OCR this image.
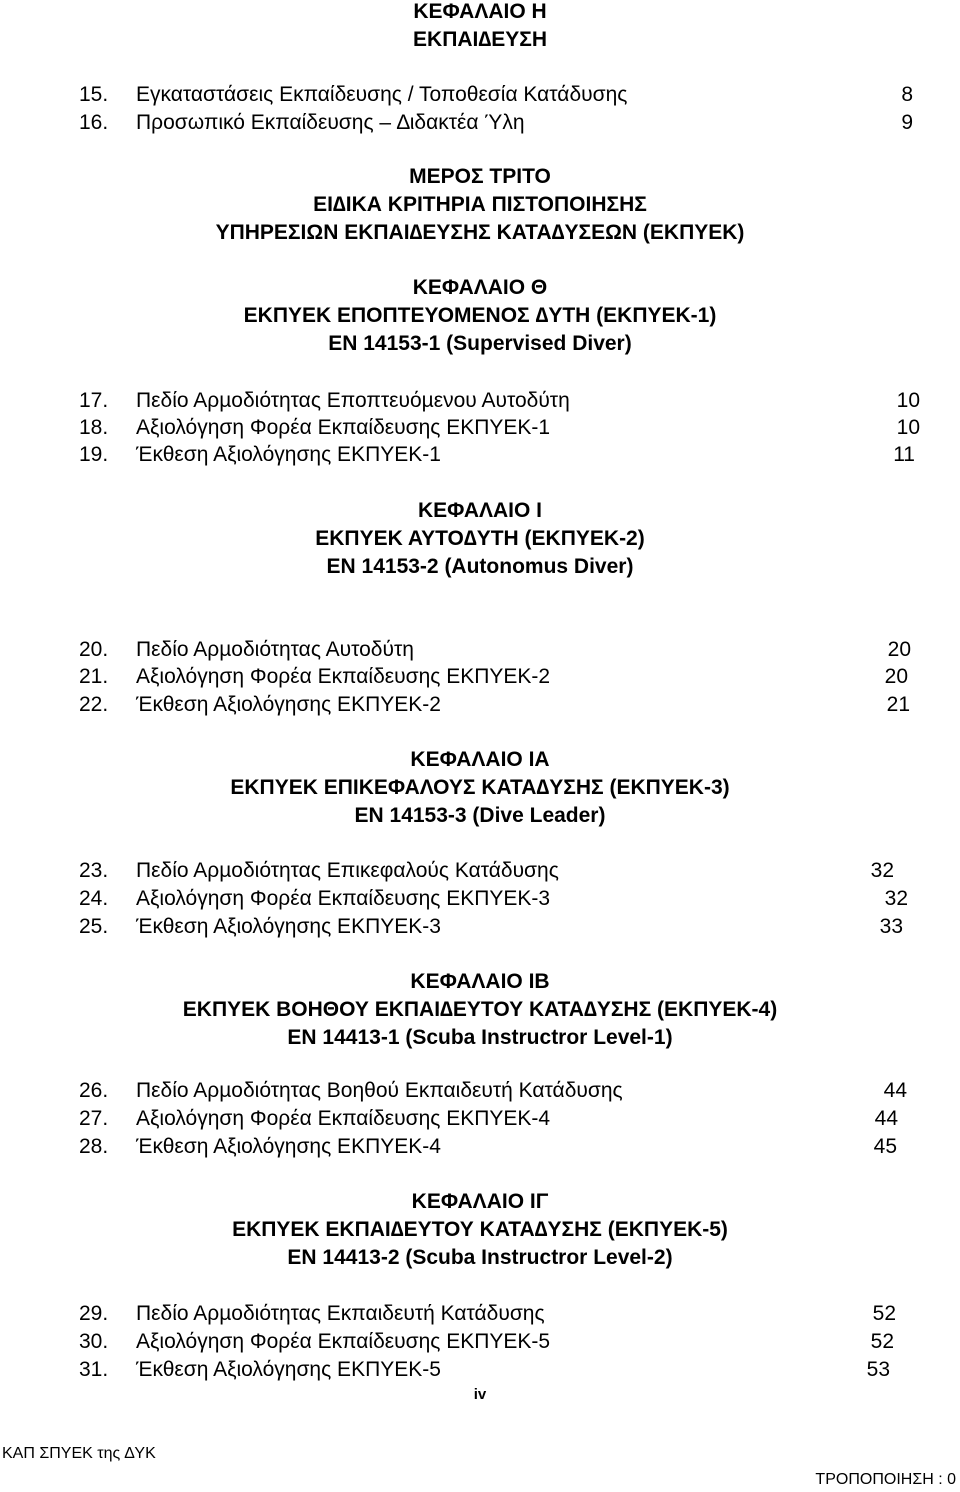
ΚΕΦΑΛΑΙΟ Η
ΕΚΠΑΙ∆ΕΥΣΗ
15. Εγκαταστάσεις Εκπαίδευσης / Τοποθεσία Κατάδυσης	8
16. Προσωπικό Εκπαίδευσης – ∆ιδακτέα Ύλη	9
ΜΕΡΟΣ ΤΡΙΤΟ
ΕΙ∆ΙΚΑ ΚΡΙΤΗΡΙΑ ΠΙΣΤΟΠΟΙΗΣΗΣ
ΥΠΗΡΕΣΙΩΝ ΕΚΠΑΙ∆ΕΥΣΗΣ ΚΑΤΑ∆ΥΣΕΩΝ (ΕΚΠΥΕΚ)
ΚΕΦΑΛΑΙΟ Θ
ΕΚΠΥΕΚ ΕΠΟΠΤΕΥΟΜΕΝΟΣ ∆ΥΤΗ (ΕΚΠΥΕΚ-1)
EN 14153-1 (Supervised Diver)
17. Πεδίο Αρµοδιότητας Εποπτευόµενου Αυτοδύτη	10
18. Αξιολόγηση Φορέα Εκπαίδευσης ΕΚΠΥΕΚ-1	10
19. Έκθεση Αξιολόγησης ΕΚΠΥΕΚ-1	11
ΚΕΦΑΛΑΙΟ Ι
ΕΚΠΥΕΚ ΑΥΤΟ∆ΥΤΗ (ΕΚΠΥΕΚ-2)
EN 14153-2 (Autonomus Diver)
20. Πεδίο Αρµοδιότητας Αυτοδύτη	20
21. Αξιολόγηση Φορέα Εκπαίδευσης ΕΚΠΥΕΚ-2	20
22. Έκθεση Αξιολόγησης ΕΚΠΥΕΚ-2	21
ΚΕΦΑΛΑΙΟ ΙΑ
ΕΚΠΥΕΚ ΕΠΙΚΕΦΑΛΟΥΣ ΚΑΤΑ∆ΥΣΗΣ (ΕΚΠΥΕΚ-3)
EN 14153-3 (Dive Leader)
23. Πεδίο Αρµοδιότητας Επικεφαλούς Κατάδυσης	32
24. Αξιολόγηση Φορέα Εκπαίδευσης ΕΚΠΥΕΚ-3	32
25. Έκθεση Αξιολόγησης ΕΚΠΥΕΚ-3	33
ΚΕΦΑΛΑΙΟ ΙΒ
ΕΚΠΥΕΚ ΒΟΗΘΟΥ ΕΚΠΑΙ∆ΕΥΤΟΥ ΚΑΤΑ∆ΥΣΗΣ (ΕΚΠΥΕΚ-4)
EN 14413-1 (Scuba Instructror Level-1)
26. Πεδίο Αρµοδιότητας Βοηθού Εκπαιδευτή Κατάδυσης	44
27. Αξιολόγηση Φορέα Εκπαίδευσης ΕΚΠΥΕΚ-4	44
28. Έκθεση Αξιολόγησης ΕΚΠΥΕΚ-4	45
ΚΕΦΑΛΑΙΟ ΙΓ
ΕΚΠΥΕΚ ΕΚΠΑΙ∆ΕΥΤΟΥ ΚΑΤΑ∆ΥΣΗΣ (ΕΚΠΥΕΚ-5)
EN 14413-2 (Scuba Instructror Level-2)
29. Πεδίο Αρµοδιότητας Εκπαιδευτή Κατάδυσης	52
30. Αξιολόγηση Φορέα Εκπαίδευσης ΕΚΠΥΕΚ-5	52
31. Έκθεση Αξιολόγησης ΕΚΠΥΕΚ-5	53
iv
ΚΑΠ ΣΠΥΕΚ της ∆ΥΚ
ΤΡΟΠΟΠΟΙΗΣΗ : 0
